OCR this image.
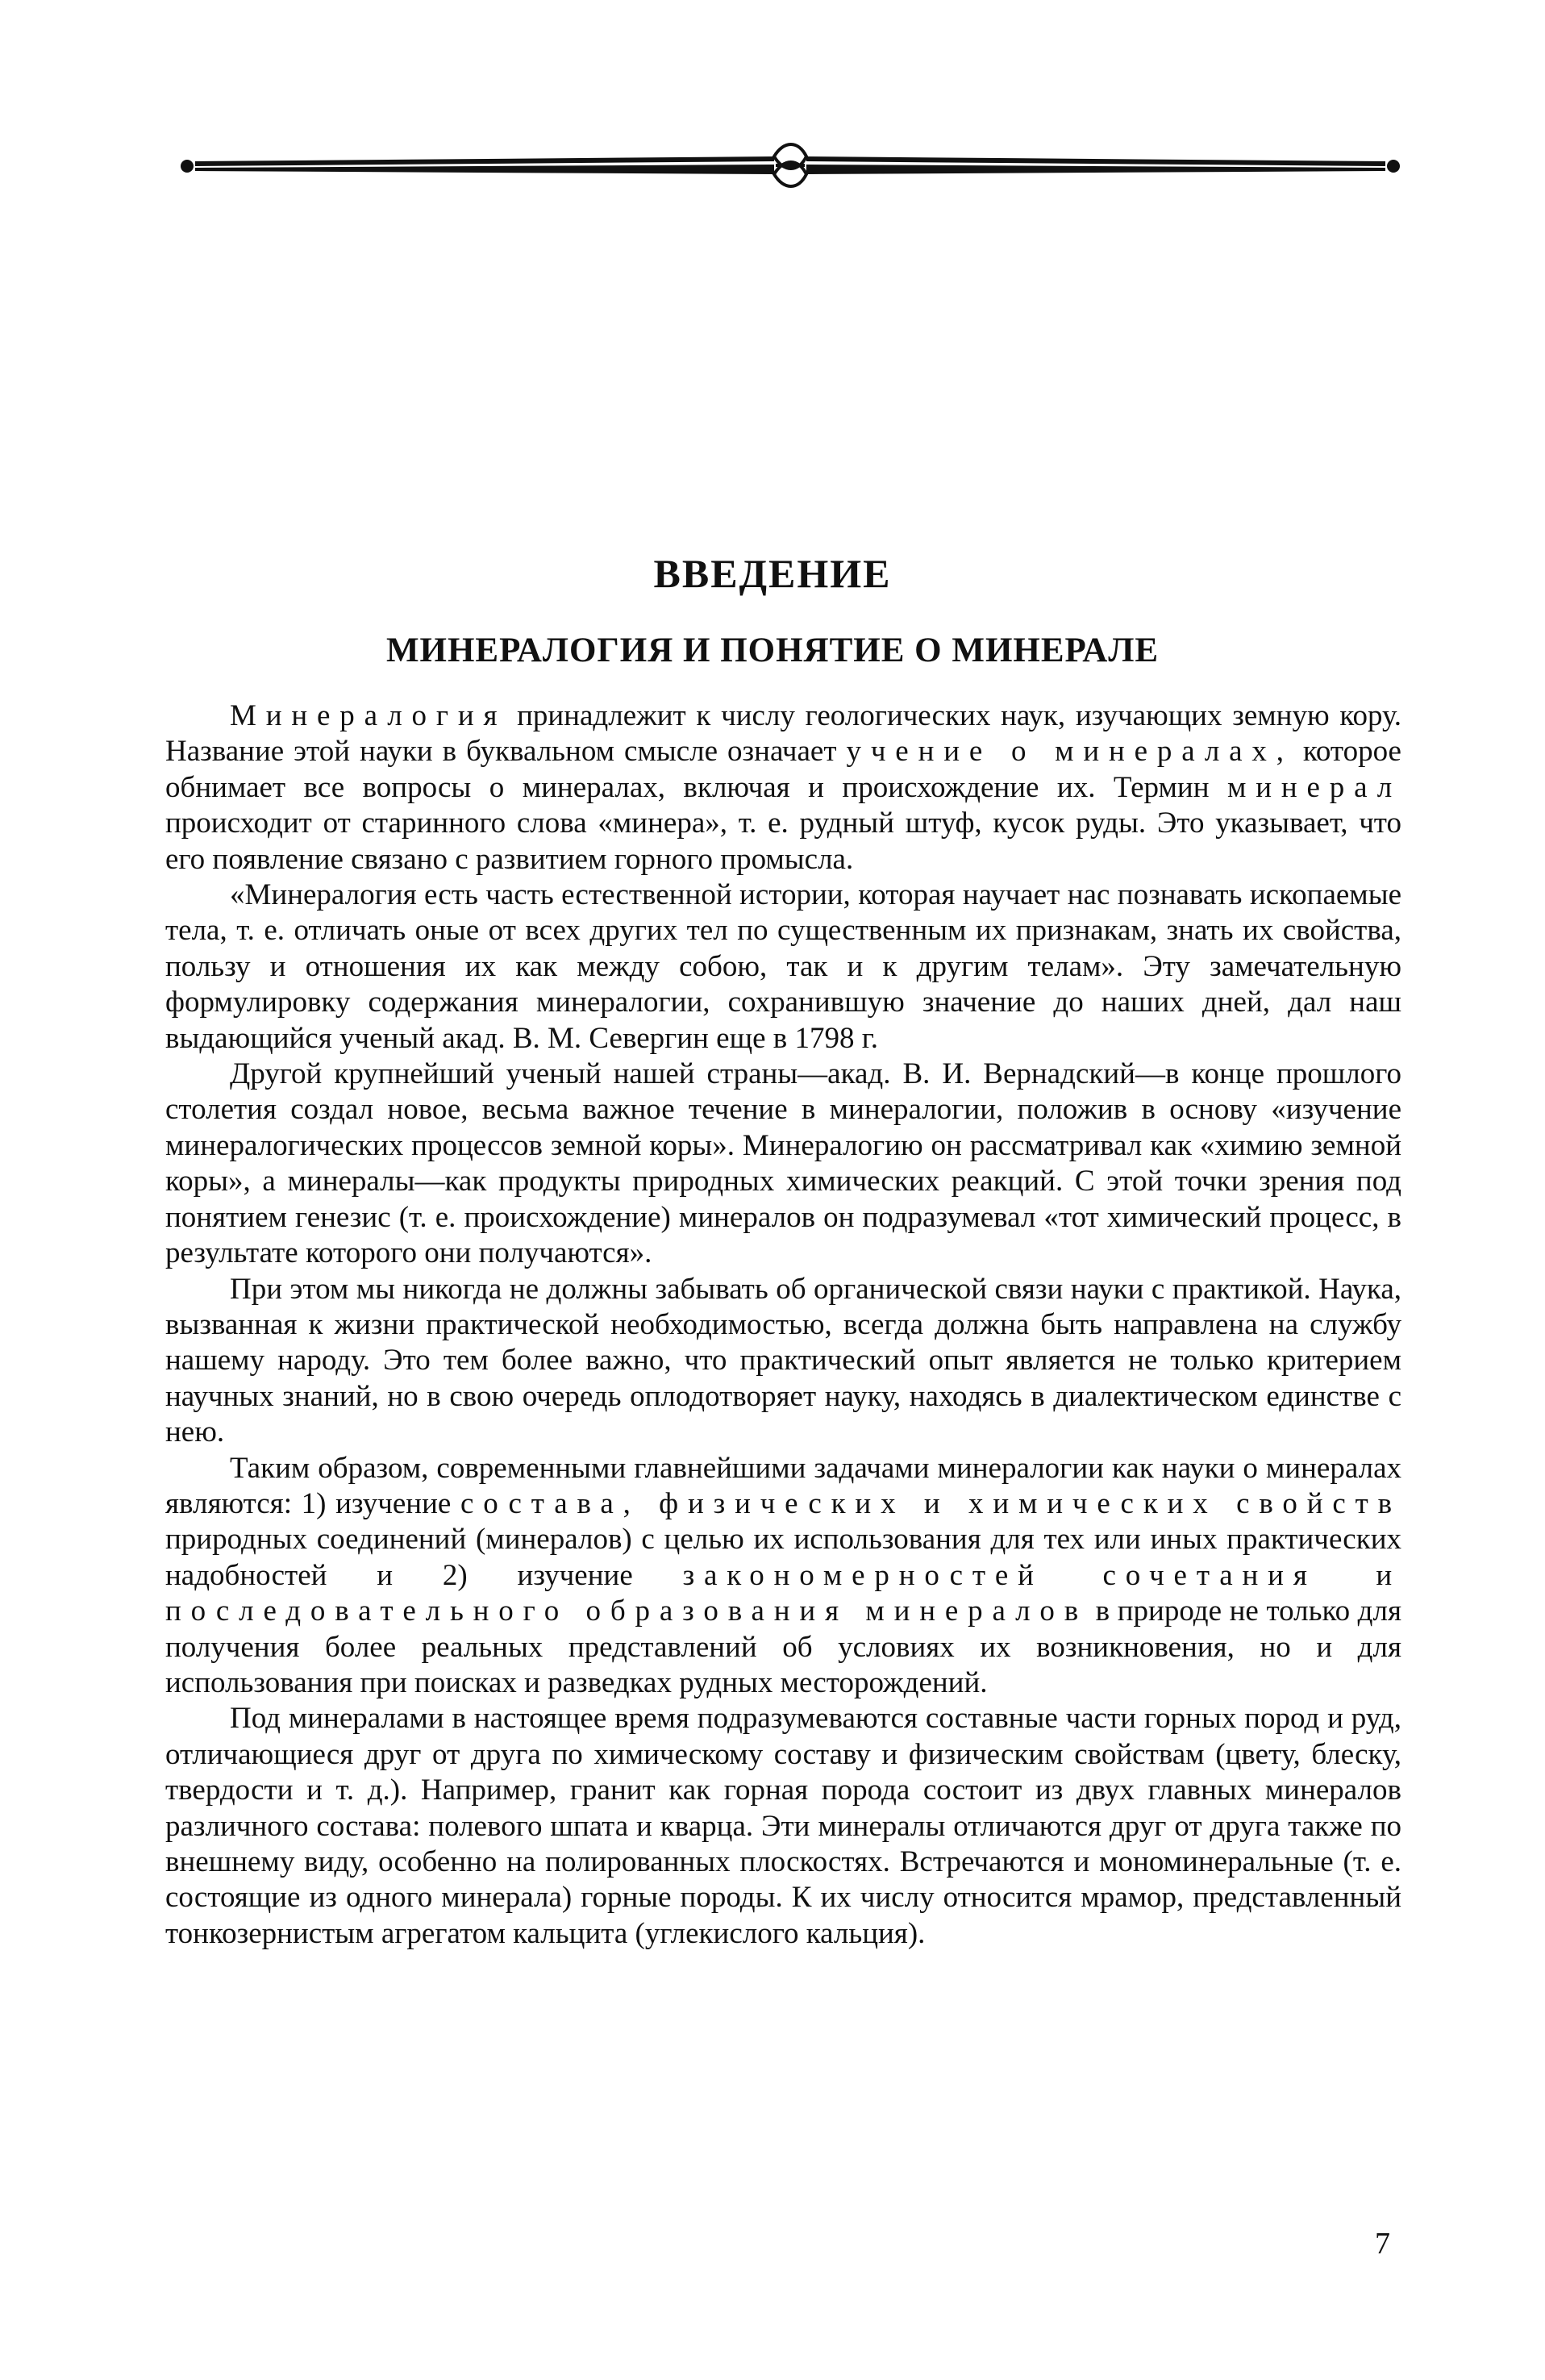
ВВЕДЕНИЕ
МИНЕРАЛОГИЯ И ПОНЯТИЕ О МИНЕРАЛЕ

Минералогия принадлежит к числу геологических наук, изучающих земную кору. Название этой науки в буквальном смысле означает учение о минералах, которое обнимает все вопросы о минералах, включая и происхождение их. Термин минерал происходит от старинного слова «минера», т. е. рудный штуф, кусок руды. Это указывает, что его появление связано с развитием горного промысла.

«Минералогия есть часть естественной истории, которая научает нас познавать ископаемые тела, т. е. отличать оные от всех других тел по существенным их признакам, знать их свойства, пользу и отношения их как между собою, так и к другим телам». Эту замечательную формулировку содержания минералогии, сохранившую значение до наших дней, дал наш выдающийся ученый акад. В. М. Севергин еще в 1798 г.

Другой крупнейший ученый нашей страны—акад. В. И. Вернадский—в конце прошлого столетия создал новое, весьма важное течение в минералогии, положив в основу «изучение минералогических процессов земной коры». Минералогию он рассматривал как «химию земной коры», а минералы—как продукты природных химических реакций. С этой точки зрения под понятием генезис (т. е. происхождение) минералов он подразумевал «тот химический процесс, в результате которого они получаются».

При этом мы никогда не должны забывать об органической связи науки с практикой. Наука, вызванная к жизни практической необходимостью, всегда должна быть направлена на службу нашему народу. Это тем более важно, что практический опыт является не только критерием научных знаний, но в свою очередь оплодотворяет науку, находясь в диалектическом единстве с нею.

Таким образом, современными главнейшими задачами минералогии как науки о минералах являются: 1) изучение состава, физических и химических свойств природных соединений (минералов) с целью их использования для тех или иных практических надобностей и 2) изучение закономерностей сочетания и последовательного образования минералов в природе не только для получения более реальных представлений об условиях их возникновения, но и для использования при поисках и разведках рудных месторождений.

Под минералами в настоящее время подразумеваются составные части горных пород и руд, отличающиеся друг от друга по химическому составу и физическим свойствам (цвету, блеску, твердости и т. д.). Например, гранит как горная порода состоит из двух главных минералов различного состава: полевого шпата и кварца. Эти минералы отличаются друг от друга также по внешнему виду, особенно на полированных плоскостях. Встречаются и мономинеральные (т. е. состоящие из одного минерала) горные породы. К их числу относится мрамор, представленный тонкозернистым агрегатом кальцита (углекислого кальция).

7
